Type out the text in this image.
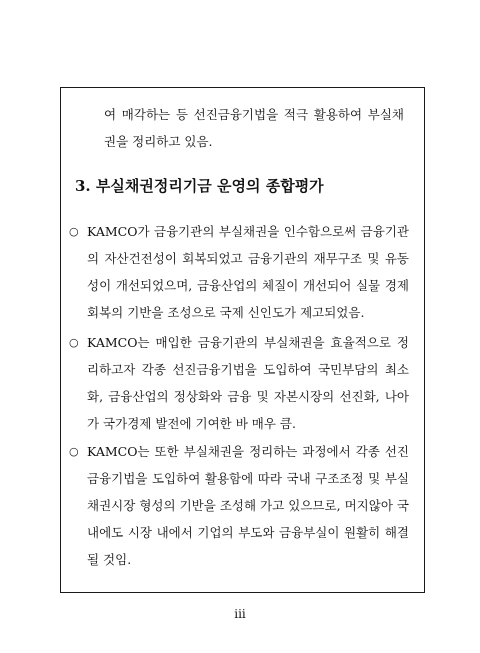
여 매각하는 등 선진금융기법을 적극 활용하여 부실채권을 정리하고 있음.
3. 부실채권정리기금 운영의 종합평가
○ KAMCO가 금융기관의 부실채권을 인수함으로써 금융기관의 자산건전성이 회복되었고 금융기관의 재무구조 및 유동성이 개선되었으며, 금융산업의 체질이 개선되어 실물 경제 회복의 기반을 조성으로 국제 신인도가 제고되었음.
○ KAMCO는 매입한 금융기관의 부실채권을 효율적으로 정리하고자 각종 선진금융기법을 도입하여 국민부담의 최소화, 금융산업의 정상화와 금융 및 자본시장의 선진화, 나아가 국가경제 발전에 기여한 바 매우 큼.
○ KAMCO는 또한 부실채권을 정리하는 과정에서 각종 선진금융기법을 도입하여 활용함에 따라 국내 구조조정 및 부실채권시장 형성의 기반을 조성해 가고 있으므로, 머지않아 국내에도 시장 내에서 기업의 부도와 금융부실이 원활히 해결될 것임.
iii
